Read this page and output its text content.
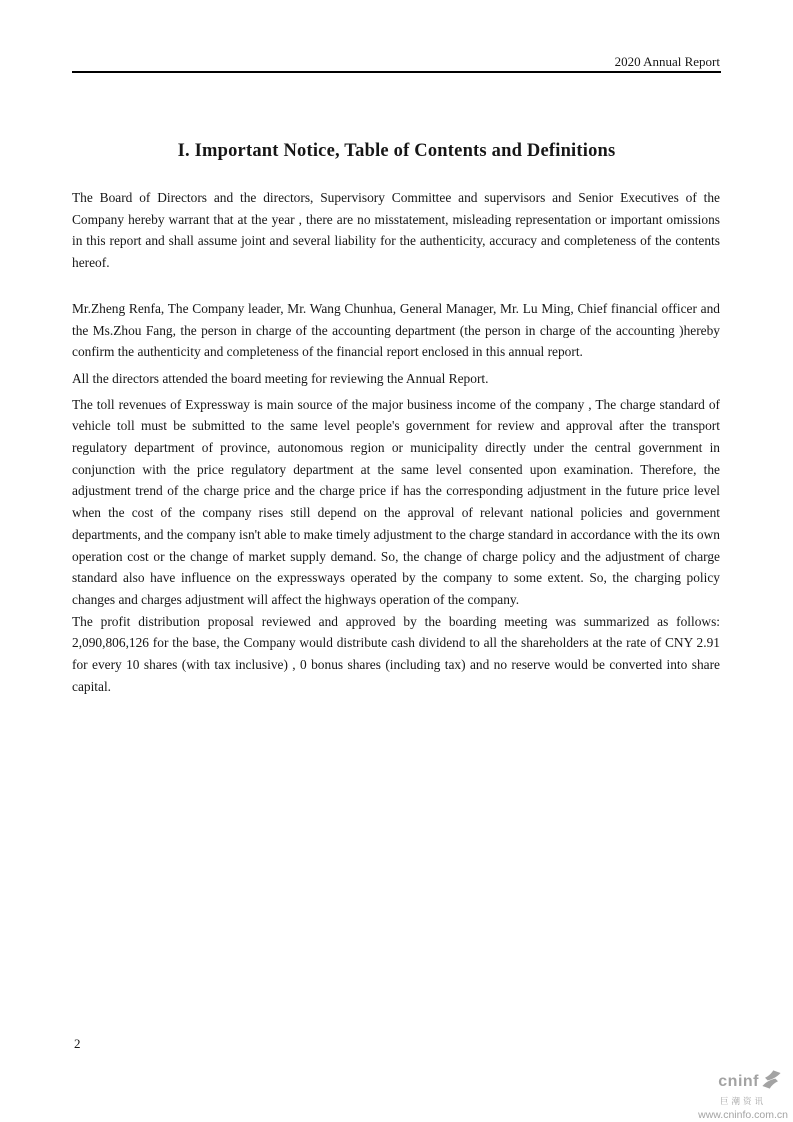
2020 Annual Report
I. Important Notice, Table of Contents and Definitions

The Board of Directors and the directors, Supervisory Committee and supervisors and Senior Executives of the Company hereby warrant that at the year , there are no misstatement, misleading representation or important omissions in this report and shall assume joint and several liability for the authenticity, accuracy and completeness of the contents hereof.

Mr.Zheng Renfa, The Company leader, Mr. Wang Chunhua, General Manager, Mr. Lu Ming, Chief financial officer and the Ms.Zhou Fang, the person in charge of the accounting department (the person in charge of the accounting )hereby confirm the authenticity and completeness of the financial report enclosed in this annual report.

All the directors attended the board meeting for reviewing the Annual Report.

The toll revenues of Expressway is main source of the major business income of the company , The charge standard of vehicle toll must be submitted to the same level people's government for review and approval after the transport regulatory department of province, autonomous region or municipality directly under the central government in conjunction with the price regulatory department at the same level consented upon examination. Therefore, the adjustment trend of the charge price and the charge price if has the corresponding adjustment in the future price level when the cost of the company rises still depend on the approval of relevant national policies and government departments, and the company isn't able to make timely adjustment to the charge standard in accordance with the its own operation cost or the change of market supply demand. So, the change of charge policy and the adjustment of charge standard also have influence on the expressways operated by the company to some extent. So, the charging policy changes and charges adjustment will affect the highways operation of the company.

The profit distribution proposal reviewed and approved by the boarding meeting was summarized as follows: 2,090,806,126 for the base, the Company would distribute cash dividend to all the shareholders at the rate of CNY 2.91 for every 10 shares (with tax inclusive) , 0 bonus shares (including tax) and no reserve would be converted into share capital.

2
cninf
巨潮资讯
www.cninfo.com.cn
